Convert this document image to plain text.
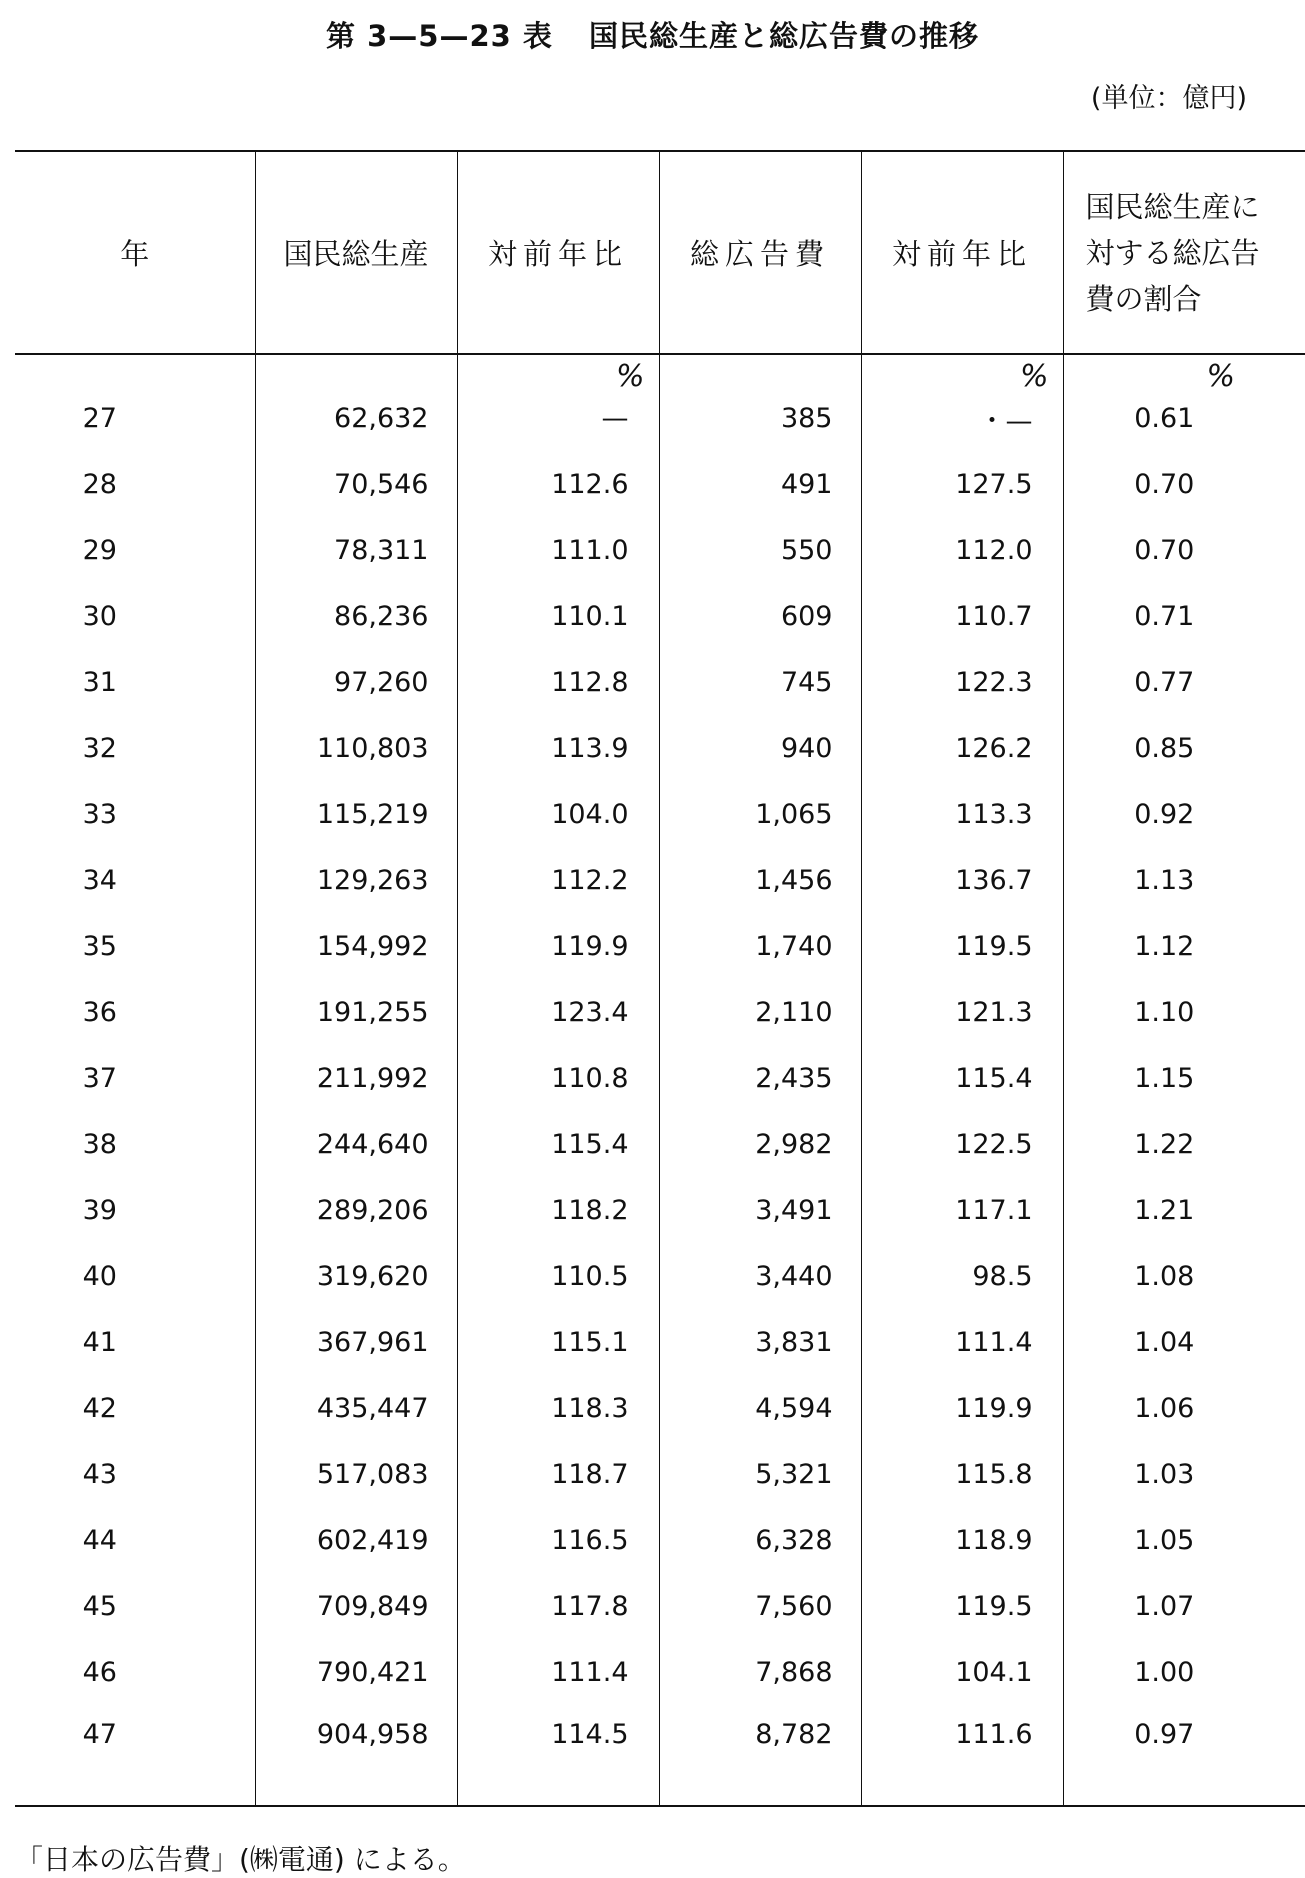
第 3—5—23 表 国民総生産と総広告費の推移
(単位：億円)
年	国民総生産	対前年比	総広告費	対前年比	国民総生産に
対する総広告
費の割合

		%		%	%

27	62,632	—	385	・—	0.61
28	70,546	112.6	491	127.5	0.70
29	78,311	111.0	550	112.0	0.70
30	86,236	110.1	609	110.7	0.71
31	97,260	112.8	745	122.3	0.77
32	110,803	113.9	940	126.2	0.85
33	115,219	104.0	1,065	113.3	0.92
34	129,263	112.2	1,456	136.7	1.13
35	154,992	119.9	1,740	119.5	1.12
36	191,255	123.4	2,110	121.3	1.10
37	211,992	110.8	2,435	115.4	1.15
38	244,640	115.4	2,982	122.5	1.22
39	289,206	118.2	3,491	117.1	1.21
40	319,620	110.5	3,440	98.5	1.08
41	367,961	115.1	3,831	111.4	1.04
42	435,447	118.3	4,594	119.9	1.06
43	517,083	118.7	5,321	115.8	1.03
44	602,419	116.5	6,328	118.9	1.05
45	709,849	117.8	7,560	119.5	1.07
46	790,421	111.4	7,868	104.1	1.00
47	904,958	114.5	8,782	111.6	0.97
「日本の広告費」(㈱電通) による。
